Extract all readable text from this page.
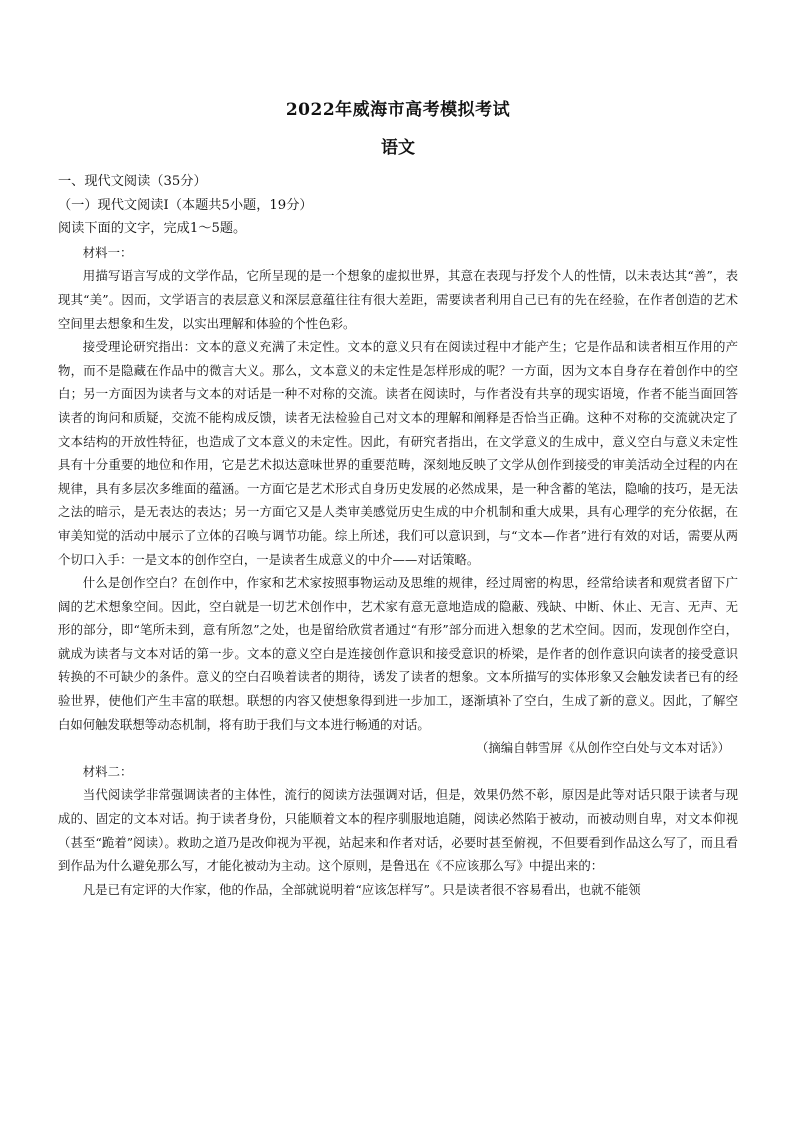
2022年威海市高考模拟考试
语文
一、现代文阅读（35分）
（一）现代文阅读Ⅰ（本题共5小题，19分）
阅读下面的文字，完成1～5题。
材料一：

用描写语言写成的文学作品，它所呈现的是一个想象的虚拟世界，其意在表现与抒发个人的性情，以未表达其“善”，表现其“美”。因而，文学语言的表层意义和深层意蕴往往有很大差距，需要读者利用自己已有的先在经验，在作者创造的艺术空间里去想象和生发，以实出理解和体验的个性色彩。

接受理论研究指出：文本的意义充满了未定性。文本的意义只有在阅读过程中才能产生；它是作品和读者相互作用的产物，而不是隐藏在作品中的微言大义。那么，文本意义的未定性是怎样形成的呢？一方面，因为文本自身存在着创作中的空白；另一方面因为读者与文本的对话是一种不对称的交流。读者在阅读时，与作者没有共享的现实语境，作者不能当面回答读者的询问和质疑，交流不能构成反馈，读者无法检验自己对文本的理解和阐释是否恰当正确。这种不对称的交流就决定了文本结构的开放性特征，也造成了文本意义的未定性。因此，有研究者指出，在文学意义的生成中，意义空白与意义未定性具有十分重要的地位和作用，它是艺术拟达意味世界的重要范畴，深刻地反映了文学从创作到接受的审美活动全过程的内在规律，具有多层次多维面的蕴涵。一方面它是艺术形式自身历史发展的必然成果，是一种含蓄的笔法，隐喻的技巧，是无法之法的暗示，是无表达的表达；另一方面它又是人类审美感觉历史生成的中介机制和重大成果，具有心理学的充分依据，在审美知觉的活动中展示了立体的召唤与调节功能。综上所述，我们可以意识到，与“文本—作者”进行有效的对话，需要从两个切口入手：一是文本的创作空白，一是读者生成意义的中介——对话策略。

什么是创作空白？在创作中，作家和艺术家按照事物运动及思维的规律，经过周密的构思，经常给读者和观赏者留下广阔的艺术想象空间。因此，空白就是一切艺术创作中，艺术家有意无意地造成的隐蔽、残缺、中断、休止、无言、无声、无形的部分，即“笔所未到，意有所忽”之处，也是留给欣赏者通过“有形”部分而进入想象的艺术空间。因而，发现创作空白，就成为读者与文本对话的第一步。文本的意义空白是连接创作意识和接受意识的桥梁，是作者的创作意识向读者的接受意识转换的不可缺少的条件。意义的空白召唤着读者的期待，诱发了读者的想象。文本所描写的实体形象又会触发读者已有的经验世界，使他们产生丰富的联想。联想的内容又使想象得到进一步加工，逐渐填补了空白，生成了新的意义。因此，了解空白如何触发联想等动态机制，将有助于我们与文本进行畅通的对话。

（摘编自韩雪屏《从创作空白处与文本对话》）
材料二：

当代阅读学非常强调读者的主体性，流行的阅读方法强调对话，但是，效果仍然不彰，原因是此等对话只限于读者与现成的、固定的文本对话。拘于读者身份，只能顺着文本的程序驯服地追随，阅读必然陷于被动，而被动则自卑，对文本仰视（甚至“跪着”阅读）。救助之道乃是改仰视为平视，站起来和作者对话，必要时甚至俯视，不但要看到作品这么写了，而且看到作品为什么避免那么写，才能化被动为主动。这个原则，是鲁迅在《不应该那么写》中提出来的：

凡是已有定评的大作家，他的作品，全部就说明着“应该怎样写”。只是读者很不容易看出，也就不能领
